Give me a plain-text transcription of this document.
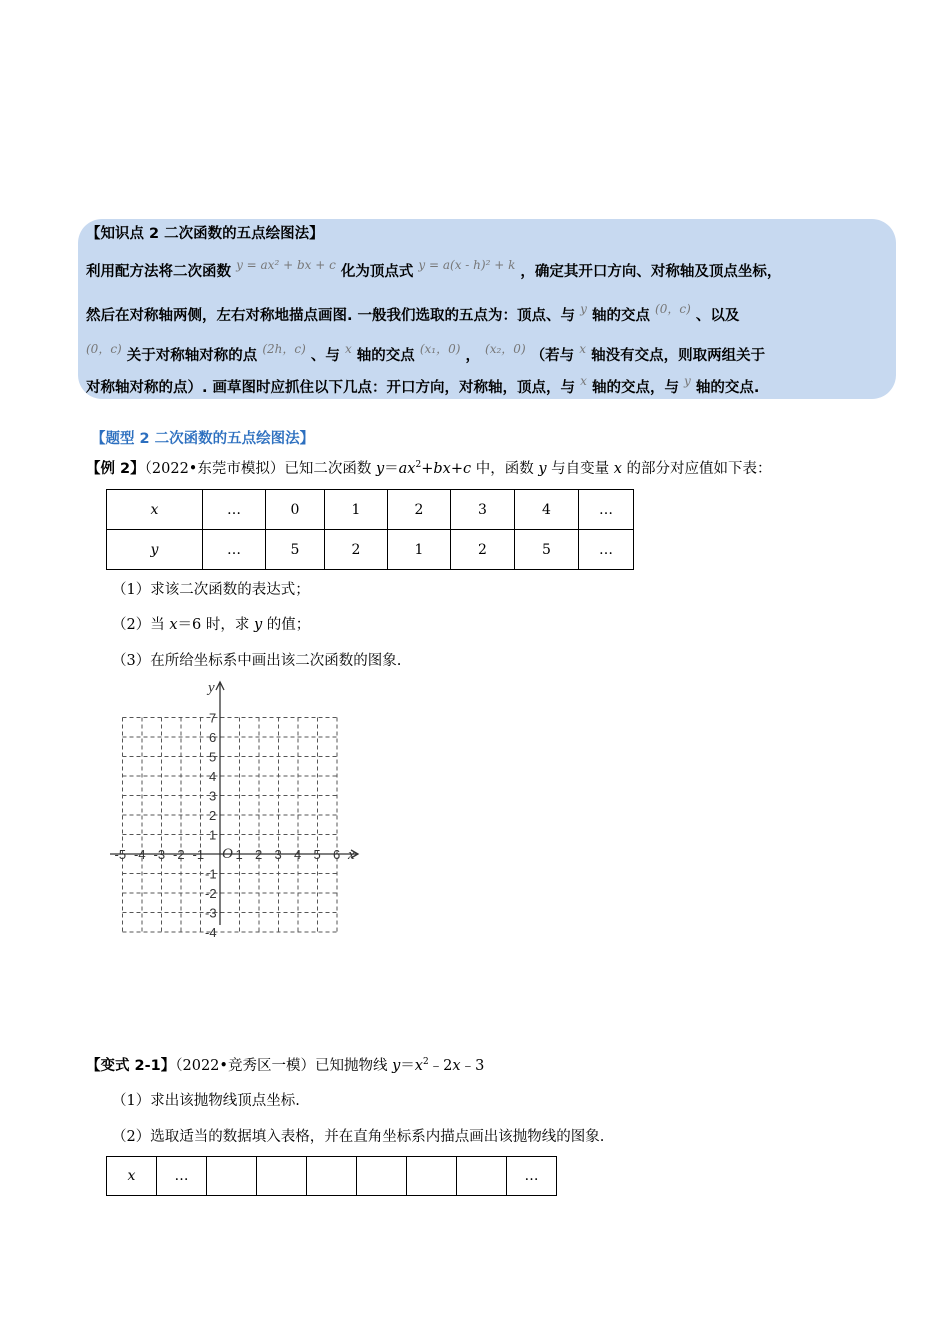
【知识点 2 二次函数的五点绘图法】
利用配方法将二次函数 $^{y = ax^2 + bx + c}$ 化为顶点式 $^{y = a(x - h)^2 + k}$ ，确定其开口方向、对称轴及顶点坐标，
然后在对称轴两侧，左右对称地描点画图. 一般我们选取的五点为：顶点、与 $^y$ 轴的交点 $^{(0,c)}$ 、以及
$^{(0,c)}$ 关于对称轴对称的点 $^{(2h,c)}$ 、与 $^x$ 轴的交点 $^{(x_1,0)}$ ， $^{(x_2,0)}$ （若与 $^x$ 轴没有交点，则取两组关于
对称轴对称的点）. 画草图时应抓住以下几点：开口方向，对称轴，顶点，与 $^x$ 轴的交点，与 $^y$ 轴的交点.
【题型 2 二次函数的五点绘图法】
【例 2】（2022•东莞市模拟）已知二次函数 $y=ax^2+bx+c$ 中，函数 y 与自变量 x 的部分对应值如下表：
x	…	0	1	2	3	4	…
y	…	5	2	1	2	5	…
（1）求该二次函数的表达式；
（2）当 x＝6 时，求 y 的值；
（3）在所给坐标系中画出该二次函数的图象.
-5 -4 -3 -2 -1 1 2 3 4 5 6
7
6
5
4
3
2
1
-1
-2
-3
-4
y
x
O
【变式 2-1】（2022•竞秀区一模）已知抛物线 $y=x^2﹣2x﹣3$
（1）求出该抛物线顶点坐标.
（2）选取适当的数据填入表格，并在直角坐标系内描点画出该抛物线的图象.
x	…							…
